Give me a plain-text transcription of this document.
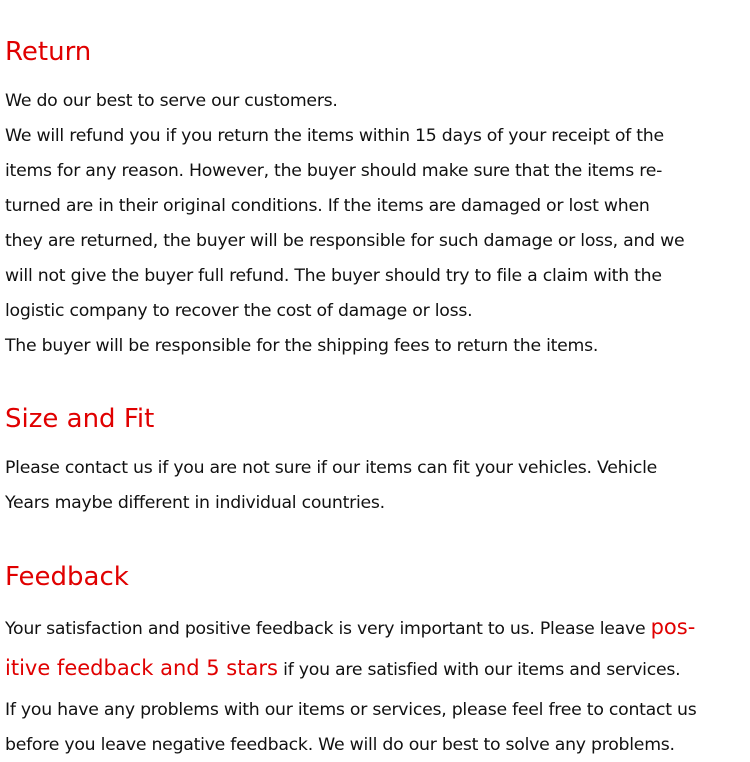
Return

We do our best to serve our customers.

We will refund you if you return the items within 15 days of your receipt of the

items for any reason. However, the buyer should make sure that the items re-

turned are in their original conditions. If the items are damaged or lost when

they are returned, the buyer will be responsible for such damage or loss, and we

will not give the buyer full refund. The buyer should try to file a claim with the

logistic company to recover the cost of damage or loss.

The buyer will be responsible for the shipping fees to return the items.

Size and Fit

Please contact us if you are not sure if our items can fit your vehicles. Vehicle

Years maybe different in individual countries.

Feedback

Your satisfaction and positive feedback is very important to us. Please leave pos-

itive feedback and 5 stars if you are satisfied with our items and services.

If you have any problems with our items or services, please feel free to contact us

before you leave negative feedback. We will do our best to solve any problems.
